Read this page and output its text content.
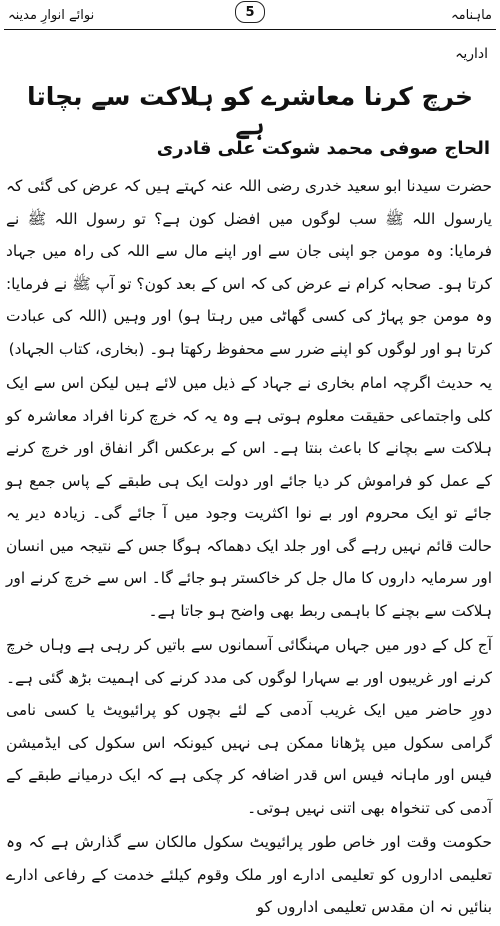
نوائے انوارِ مدینہ	ماہنامہ
5
اداریہ
خرچ کرنا معاشرے کو ہلاکت سے بچاتا ہے
الحاج صوفی محمد شوکت علی قادری

حضرت سیدنا ابو سعید خدری رضی اللہ عنہ کہتے ہیں کہ عرض کی گئی کہ یارسول اللہ ﷺ سب لوگوں میں افضل کون ہے؟ تو رسول اللہ ﷺ نے فرمایا: وہ مومن جو اپنی جان سے اور اپنے مال سے اللہ کی راہ میں جہاد کرتا ہو۔ صحابہ کرام نے عرض کی کہ اس کے بعد کون؟ تو آپ ﷺ نے فرمایا: وہ مومن جو پہاڑ کی کسی گھاٹی میں رہتا ہو) اور وہیں (اللہ کی عبادت کرتا ہو اور لوگوں کو اپنے ضرر سے محفوظ رکھتا ہو۔ (بخاری، کتاب الجہاد)

یہ حدیث اگرچہ امام بخاری نے جہاد کے ذیل میں لائے ہیں لیکن اس سے ایک کلی واجتماعی حقیقت معلوم ہوتی ہے وہ یہ کہ خرچ کرنا افراد معاشرہ کو ہلاکت سے بچانے کا باعث بنتا ہے۔ اس کے برعکس اگر انفاق اور خرچ کرنے کے عمل کو فراموش کر دیا جائے اور دولت ایک ہی طبقے کے پاس جمع ہو جائے تو ایک محروم اور بے نوا اکثریت وجود میں آ جائے گی۔ زیادہ دیر یہ حالت قائم نہیں رہے گی اور جلد ایک دھماکہ ہوگا جس کے نتیجہ میں انسان اور سرمایہ داروں کا مال جل کر خاکستر ہو جائے گا۔ اس سے خرچ کرنے اور ہلاکت سے بچنے کا باہمی ربط بھی واضح ہو جاتا ہے۔

آج کل کے دور میں جہاں مہنگائی آسمانوں سے باتیں کر رہی ہے وہاں خرچ کرنے اور غریبوں اور بے سہارا لوگوں کی مدد کرنے کی اہمیت بڑھ گئی ہے۔ دورِ حاضر میں ایک غریب آدمی کے لئے بچوں کو پرائیویٹ یا کسی نامی گرامی سکول میں پڑھانا ممکن ہی نہیں کیونکہ اس سکول کی ایڈمیشن فیس اور ماہانہ فیس اس قدر اضافہ کر چکی ہے کہ ایک درمیانے طبقے کے آدمی کی تنخواہ بھی اتنی نہیں ہوتی۔

حکومت وقت اور خاص طور پرائیویٹ سکول مالکان سے گذارش ہے کہ وہ تعلیمی اداروں کو تعلیمی ادارے اور ملک وقوم کیلئے خدمت کے رفاعی ادارے بنائیں نہ ان مقدس تعلیمی اداروں کو
